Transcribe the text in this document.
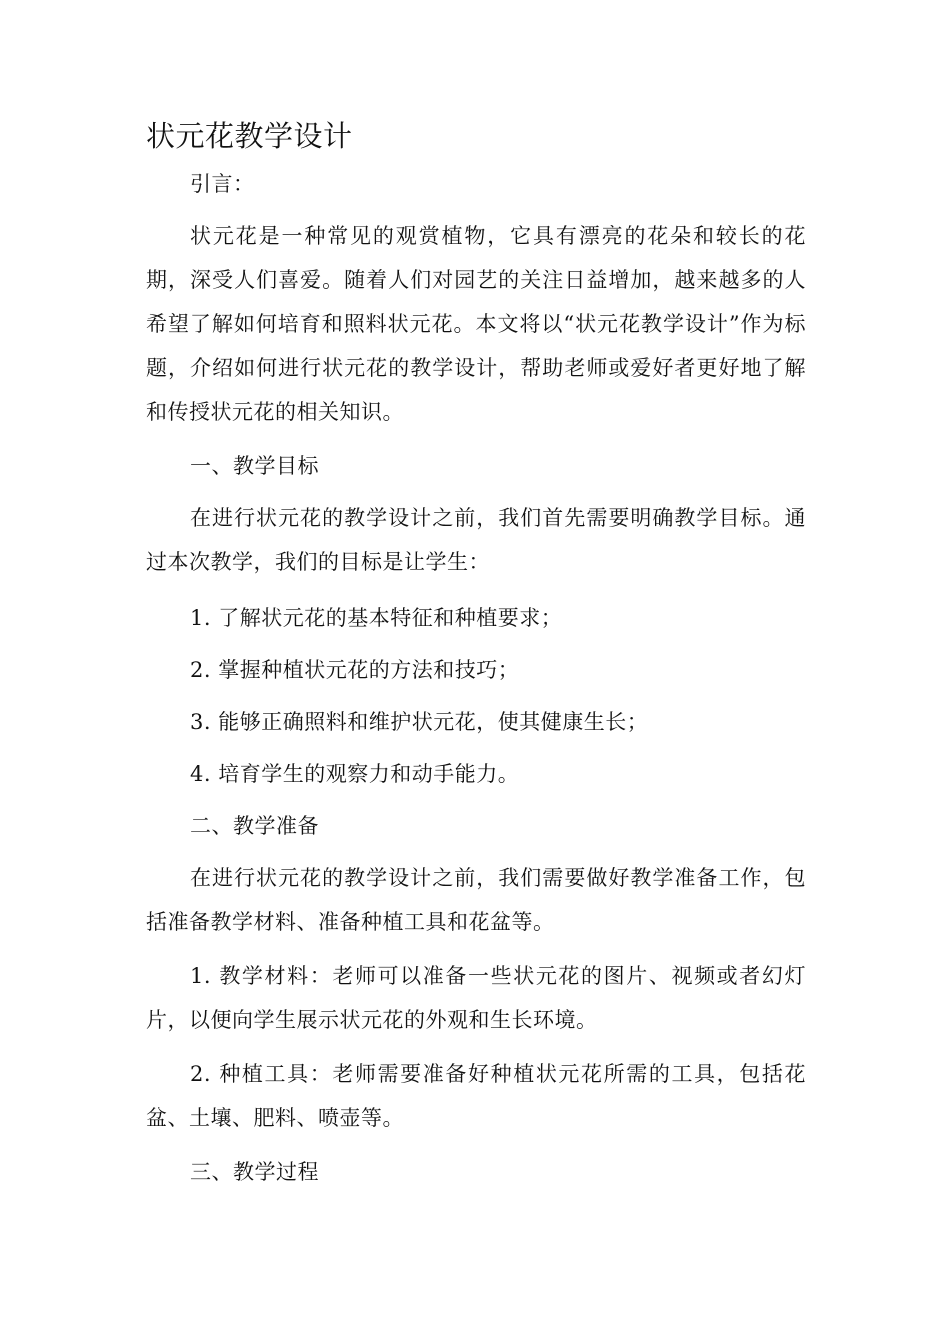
状元花教学设计

引言：

状元花是一种常见的观赏植物，它具有漂亮的花朵和较长的花期，深受人们喜爱。随着人们对园艺的关注日益增加，越来越多的人希望了解如何培育和照料状元花。本文将以“状元花教学设计”作为标题，介绍如何进行状元花的教学设计，帮助老师或爱好者更好地了解和传授状元花的相关知识。

一、教学目标

在进行状元花的教学设计之前，我们首先需要明确教学目标。通过本次教学，我们的目标是让学生：

1. 了解状元花的基本特征和种植要求；

2. 掌握种植状元花的方法和技巧；

3. 能够正确照料和维护状元花，使其健康生长；

4. 培育学生的观察力和动手能力。

二、教学准备

在进行状元花的教学设计之前，我们需要做好教学准备工作，包括准备教学材料、准备种植工具和花盆等。

1. 教学材料：老师可以准备一些状元花的图片、视频或者幻灯片，以便向学生展示状元花的外观和生长环境。

2. 种植工具：老师需要准备好种植状元花所需的工具，包括花盆、土壤、肥料、喷壶等。

三、教学过程
